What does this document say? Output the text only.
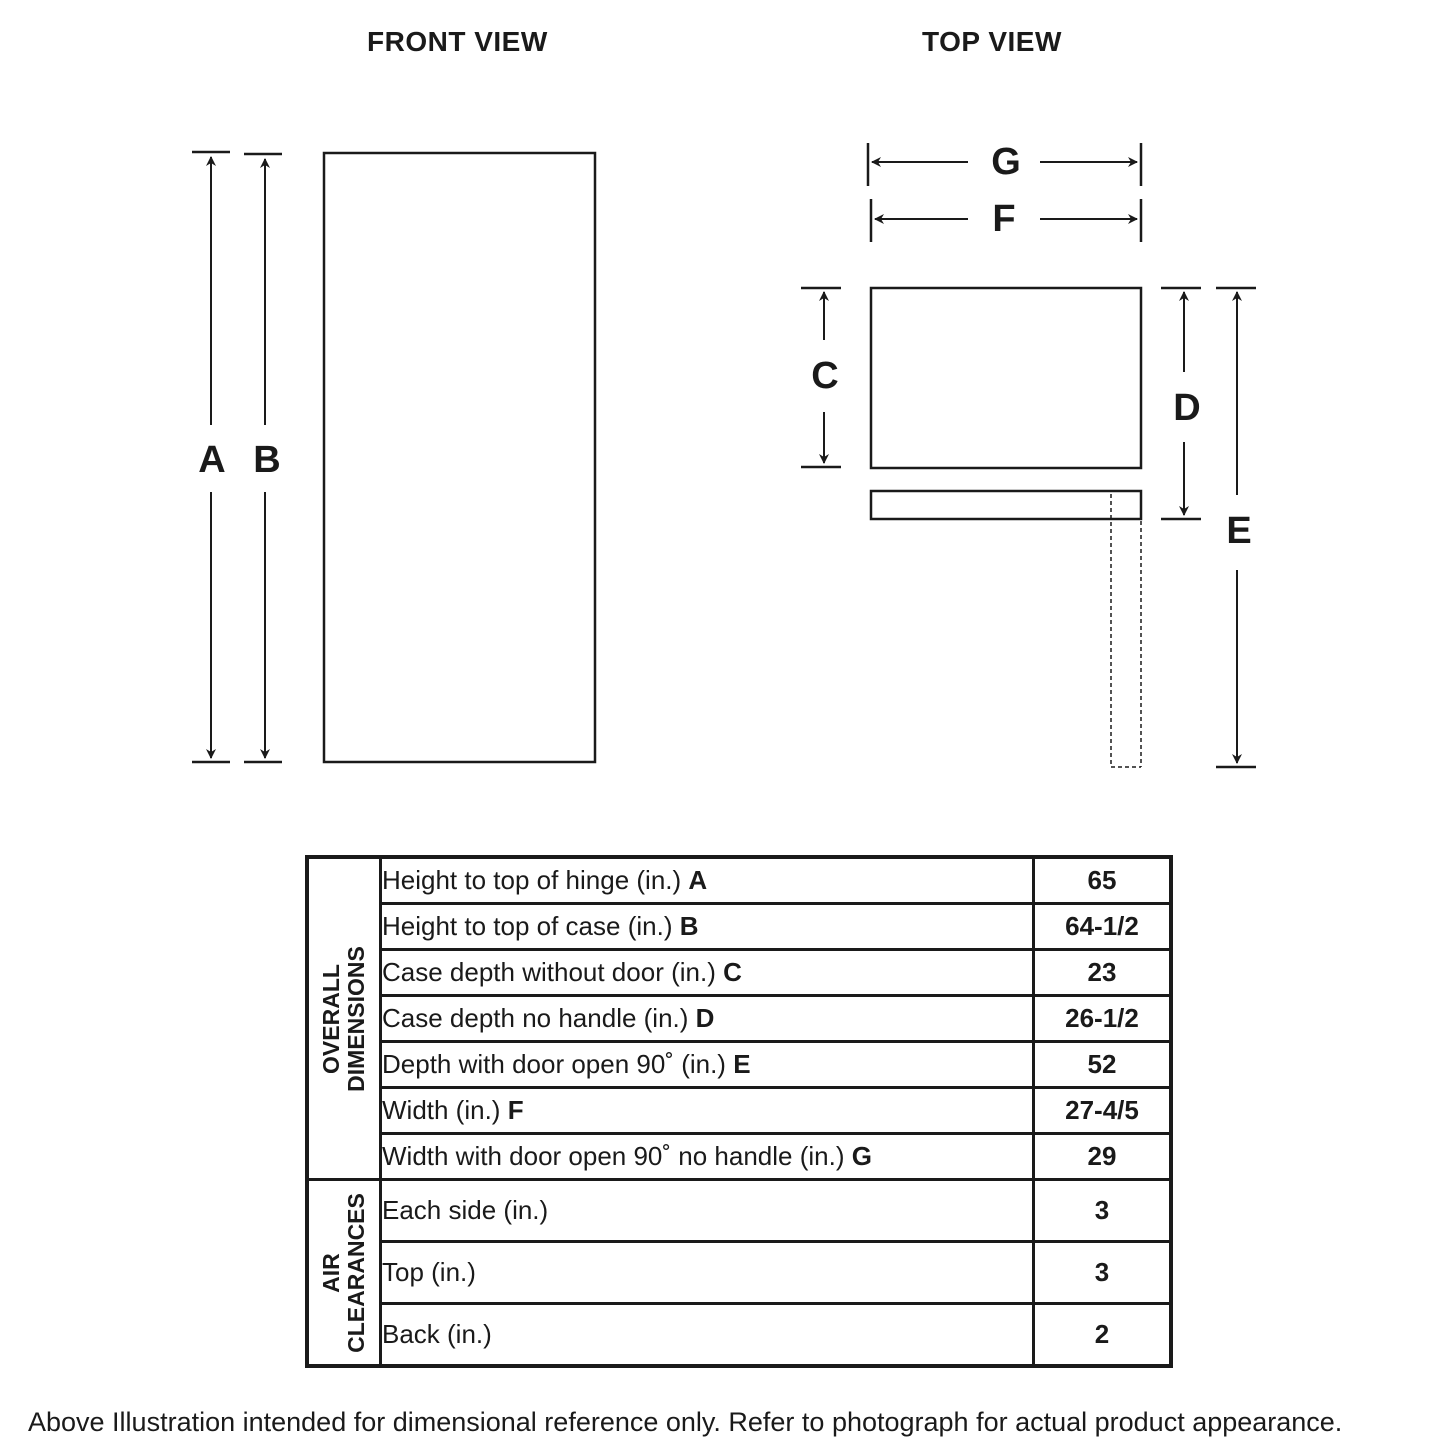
FRONT VIEW	TOP VIEW
A B
G
F
C
D
E
OVERALL DIMENSIONS	Height to top of hinge (in.) A	65
	Height to top of case (in.) B	64-1/2
	Case depth without door (in.) C	23
	Case depth no handle (in.) D	26-1/2
	Depth with door open 90˚ (in.) E	52
	Width (in.) F	27-4/5
	Width with door open 90˚ no handle (in.) G	29

AIR CLEARANCES	Each side (in.)	3
	Top (in.)	3
	Back (in.)	2
Above Illustration intended for dimensional reference only. Refer to photograph for actual product appearance.
